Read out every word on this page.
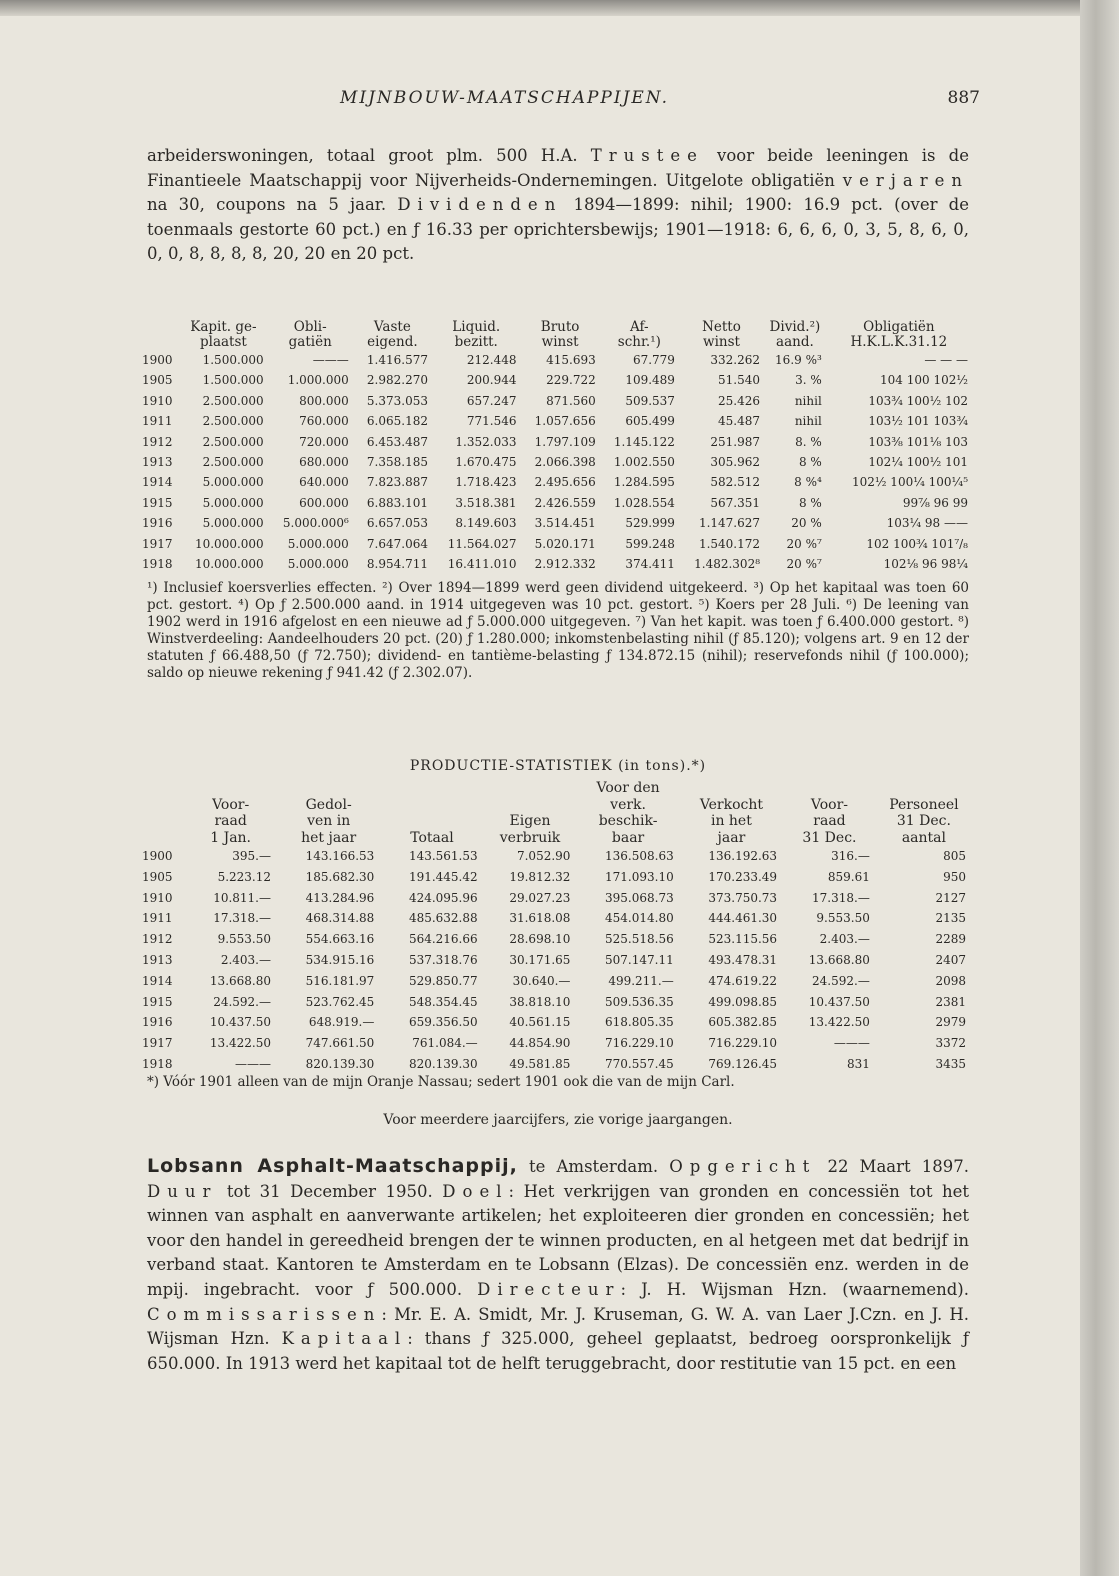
MIJNBOUW-MAATSCHAPPIJEN.	887
arbeiderswoningen, totaal groot plm. 500 H.A. Trustee voor beide leeningen is de Finantieele Maatschappij voor Nijverheids-Ondernemingen. Uitgelote obligatiën verjaren na 30, coupons na 5 jaar. Dividenden 1894—1899: nihil; 1900: 16.9 pct. (over de toenmaals gestorte 60 pct.) en ƒ 16.33 per oprichtersbewijs; 1901—1918: 6, 6, 6, 0, 3, 5, 8, 6, 0, 0, 0, 8, 8, 8, 8, 20, 20 en 20 pct.
	Kapit. ge-	Obli-	Vaste	Liquid.	Bruto	Af-	Netto	Divid.²)	Obligatiën
	plaatst	gatiën	eigend.	bezitt.	winst	schr.¹)	winst	aand.	H.K.L.K.31.12
1900	1.500.000	———	1.416.577	212.448	415.693	67.779	332.262	16.9 %³	— — —
1905	1.500.000	1.000.000	2.982.270	200.944	229.722	109.489	51.540	3. %	104 100 102½
1910	2.500.000	800.000	5.373.053	657.247	871.560	509.537	25.426	nihil	103¾ 100½ 102
1911	2.500.000	760.000	6.065.182	771.546	1.057.656	605.499	45.487	nihil	103½ 101 103¾
1912	2.500.000	720.000	6.453.487	1.352.033	1.797.109	1.145.122	251.987	8. %	103⅜ 101⅛ 103
1913	2.500.000	680.000	7.358.185	1.670.475	2.066.398	1.002.550	305.962	8 %	102¼ 100½ 101
1914	5.000.000	640.000	7.823.887	1.718.423	2.495.656	1.284.595	582.512	8 %⁴	102½ 100¼ 100¼⁵
1915	5.000.000	600.000	6.883.101	3.518.381	2.426.559	1.028.554	567.351	8 %	99⅞ 96 99
1916	5.000.000	5.000.000⁶	6.657.053	8.149.603	3.514.451	529.999	1.147.627	20 %	103¼ 98 ——
1917	10.000.000	5.000.000	7.647.064	11.564.027	5.020.171	599.248	1.540.172	20 %⁷	102 100¾ 101⁷/₈
1918	10.000.000	5.000.000	8.954.711	16.411.010	2.912.332	374.411	1.482.302⁸	20 %⁷	102⅛ 96 98¼
¹) Inclusief koersverlies effecten. ²) Over 1894—1899 werd geen dividend uitgekeerd. ³) Op het kapitaal was toen 60 pct. gestort. ⁴) Op ƒ 2.500.000 aand. in 1914 uitgegeven was 10 pct. gestort. ⁵) Koers per 28 Juli. ⁶) De leening van 1902 werd in 1916 afgelost en een nieuwe ad ƒ 5.000.000 uitgegeven. ⁷) Van het kapit. was toen ƒ 6.400.000 gestort. ⁸) Winstverdeeling: Aandeelhouders 20 pct. (20) ƒ 1.280.000; inkomstenbelasting nihil (ƒ 85.120); volgens art. 9 en 12 der statuten ƒ 66.488,50 (ƒ 72.750); dividend- en tantième-belasting ƒ 134.872.15 (nihil); reservefonds nihil (ƒ 100.000); saldo op nieuwe rekening ƒ 941.42 (ƒ 2.302.07).
PRODUCTIE-STATISTIEK (in tons).*)
					Voor den			
	Voor-	Gedol-			verk.	Verkocht	Voor-	Personeel
	raad	ven in		Eigen	beschik-	in het	raad	31 Dec.
	1 Jan.	het jaar	Totaal	verbruik	baar	jaar	31 Dec.	aantal
1900	395.—	143.166.53	143.561.53	7.052.90	136.508.63	136.192.63	316.—	805
1905	5.223.12	185.682.30	191.445.42	19.812.32	171.093.10	170.233.49	859.61	950
1910	10.811.—	413.284.96	424.095.96	29.027.23	395.068.73	373.750.73	17.318.—	2127
1911	17.318.—	468.314.88	485.632.88	31.618.08	454.014.80	444.461.30	9.553.50	2135
1912	9.553.50	554.663.16	564.216.66	28.698.10	525.518.56	523.115.56	2.403.—	2289
1913	2.403.—	534.915.16	537.318.76	30.171.65	507.147.11	493.478.31	13.668.80	2407
1914	13.668.80	516.181.97	529.850.77	30.640.—	499.211.—	474.619.22	24.592.—	2098
1915	24.592.—	523.762.45	548.354.45	38.818.10	509.536.35	499.098.85	10.437.50	2381
1916	10.437.50	648.919.—	659.356.50	40.561.15	618.805.35	605.382.85	13.422.50	2979
1917	13.422.50	747.661.50	761.084.—	44.854.90	716.229.10	716.229.10	———	3372
1918	———	820.139.30	820.139.30	49.581.85	770.557.45	769.126.45	831	3435
*) Vóór 1901 alleen van de mijn Oranje Nassau; sedert 1901 ook die van de mijn Carl.
Voor meerdere jaarcijfers, zie vorige jaargangen.
Lobsann Asphalt-Maatschappij, te Amsterdam. Opgericht 22 Maart 1897. Duur tot 31 December 1950. Doel: Het verkrijgen van gronden en concessiën tot het winnen van asphalt en aanverwante artikelen; het exploiteeren dier gronden en concessiën; het voor den handel in gereedheid brengen der te winnen producten, en al hetgeen met dat bedrijf in verband staat. Kantoren te Amsterdam en te Lobsann (Elzas). De concessiën enz. werden in de mpij. ingebracht. voor ƒ 500.000. Directeur: J. H. Wijsman Hzn. (waarnemend). Commissarissen: Mr. E. A. Smidt, Mr. J. Kruseman, G. W. A. van Laer J.Czn. en J. H. Wijsman Hzn. Kapitaal: thans ƒ 325.000, geheel geplaatst, bedroeg oorspronkelijk ƒ 650.000. In 1913 werd het kapitaal tot de helft teruggebracht, door restitutie van 15 pct. en een
